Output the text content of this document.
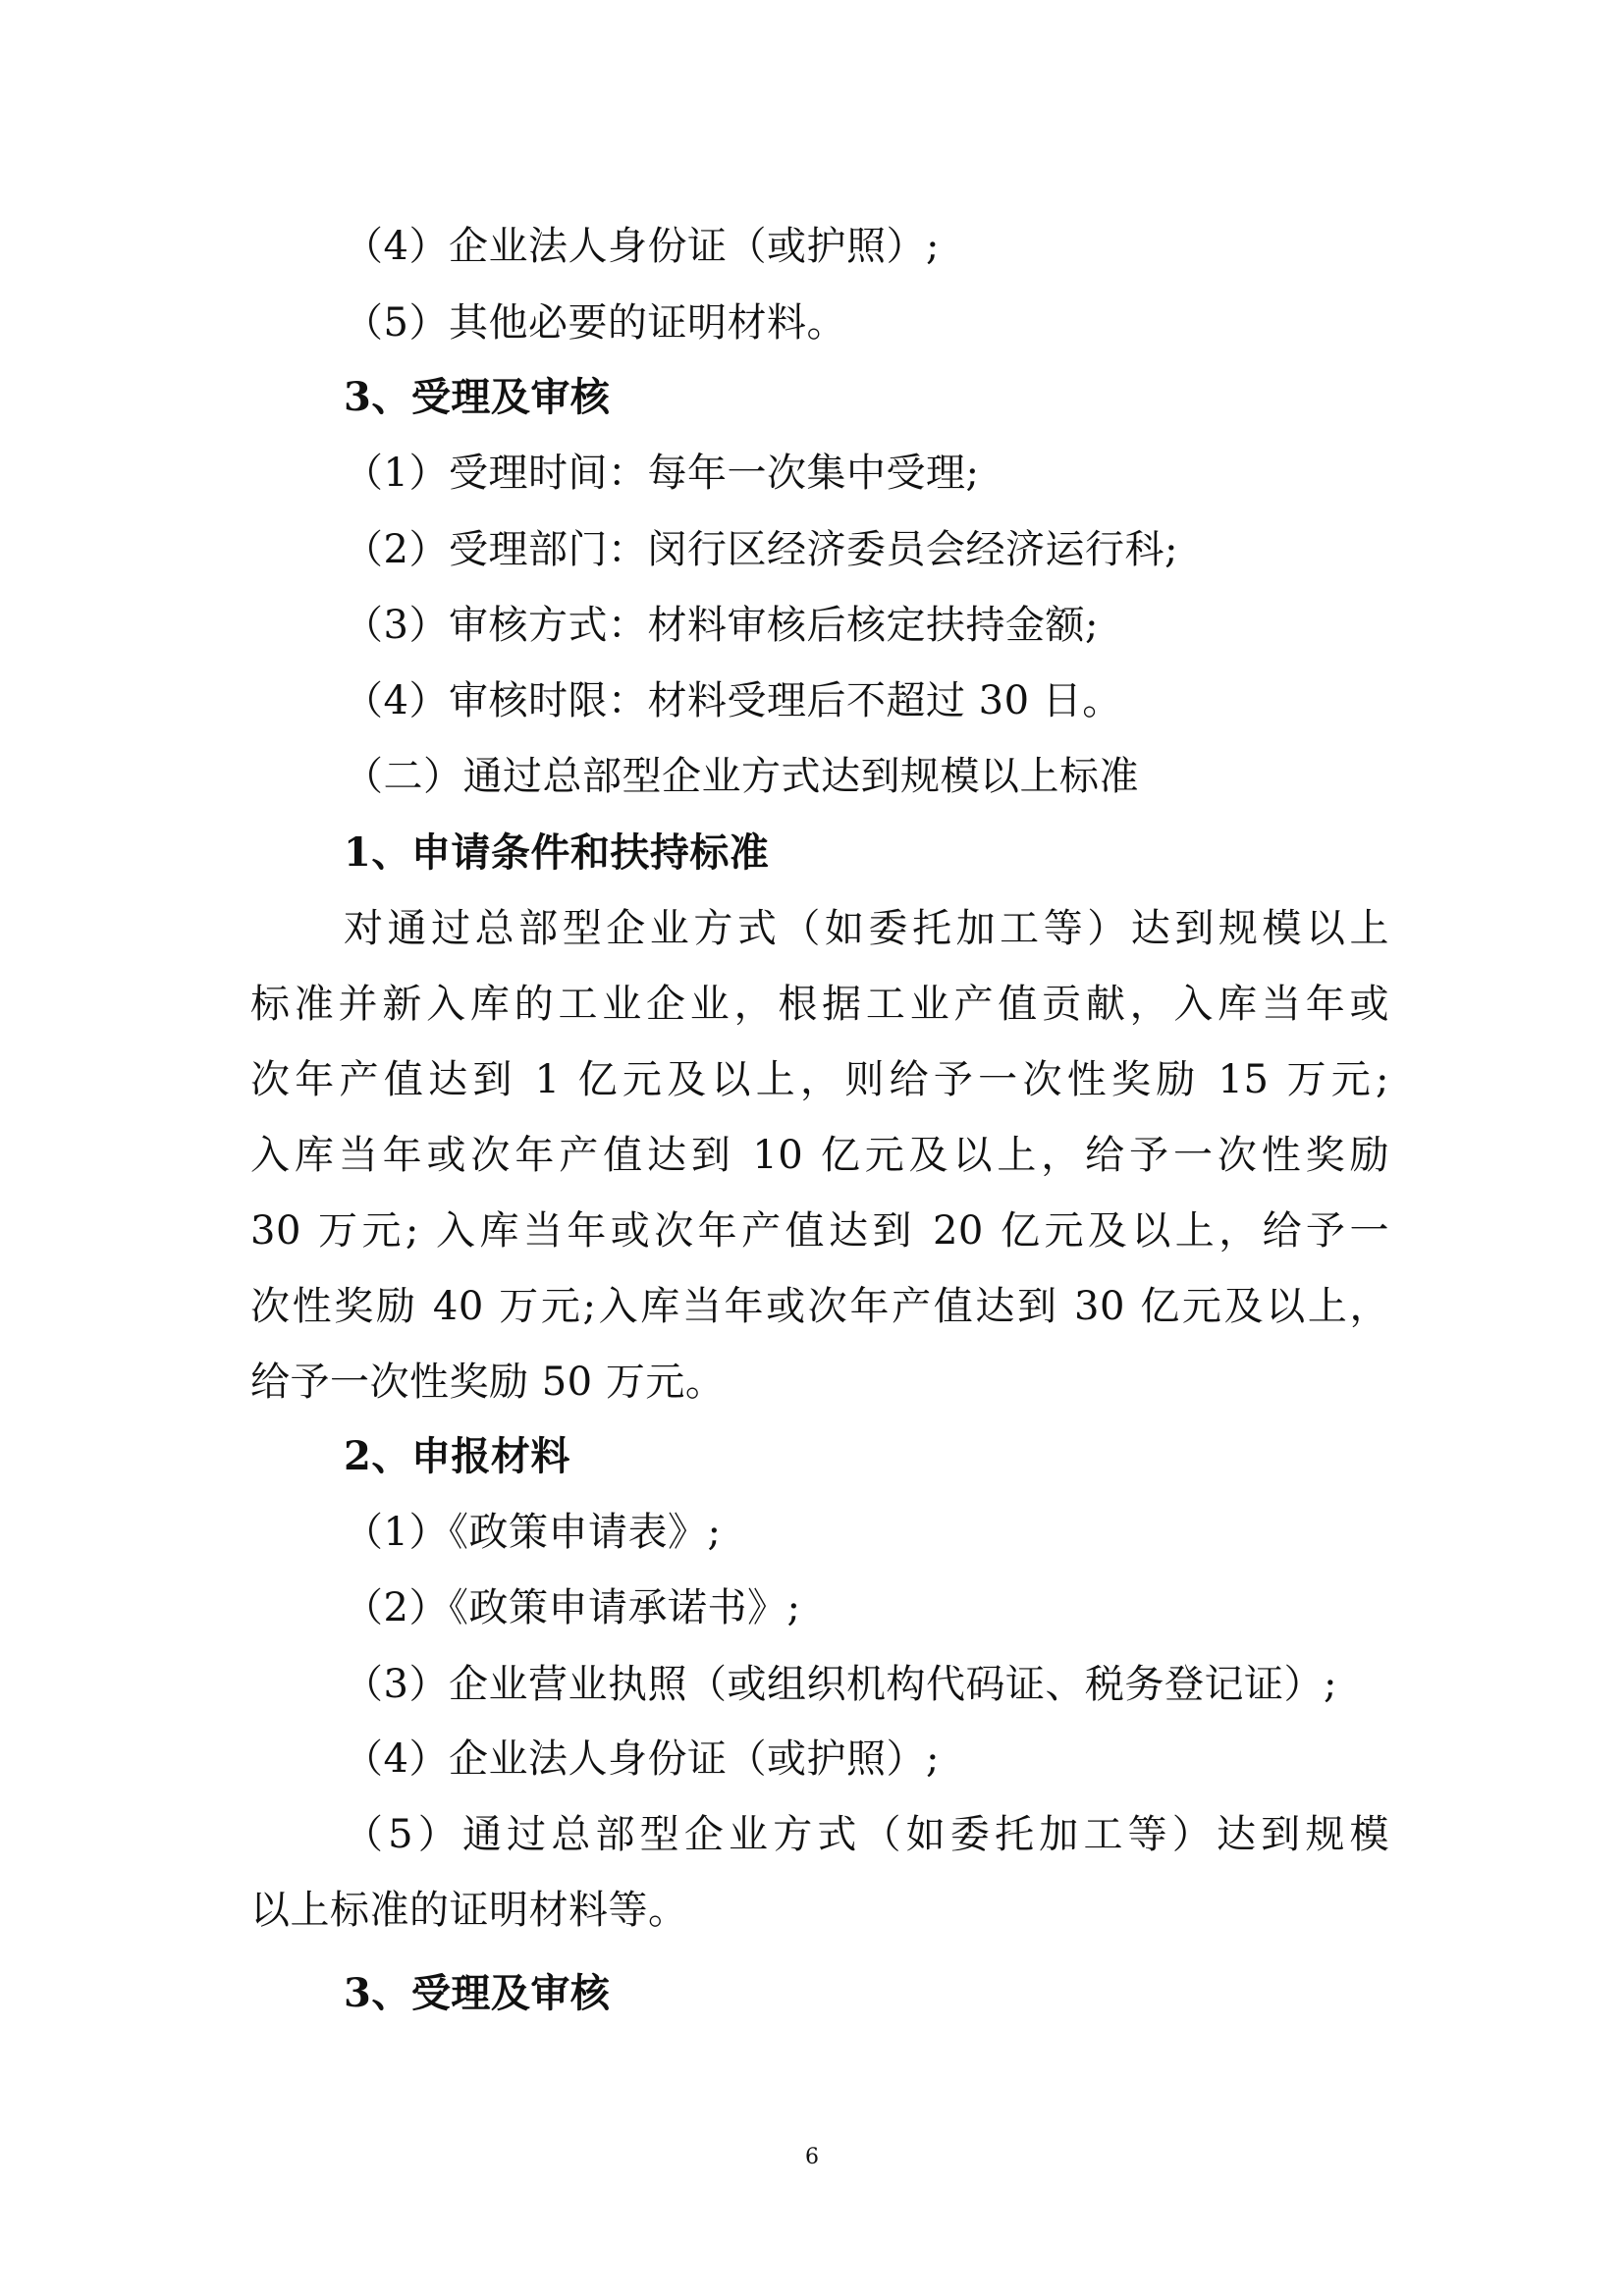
（4）企业法人身份证（或护照）;
（5）其他必要的证明材料。
3、受理及审核
（1）受理时间：每年一次集中受理;
（2）受理部门：闵行区经济委员会经济运行科;
（3）审核方式：材料审核后核定扶持金额;
（4）审核时限：材料受理后不超过 30 日。
（二）通过总部型企业方式达到规模以上标准
1、申请条件和扶持标准
对通过总部型企业方式（如委托加工等）达到规模以上
标准并新入库的工业企业，根据工业产值贡献，入库当年或
次年产值达到 1 亿元及以上，则给予一次性奖励 15 万元;
入库当年或次年产值达到 10 亿元及以上，给予一次性奖励
30 万元; 入库当年或次年产值达到 20 亿元及以上，给予一
次性奖励 40 万元;入库当年或次年产值达到 30 亿元及以上，
给予一次性奖励 50 万元。
2、申报材料
（1）《政策申请表》;
（2）《政策申请承诺书》;
（3）企业营业执照（或组织机构代码证、税务登记证）;
（4）企业法人身份证（或护照）;
（5）通过总部型企业方式（如委托加工等）达到规模
以上标准的证明材料等。
3、受理及审核
6
